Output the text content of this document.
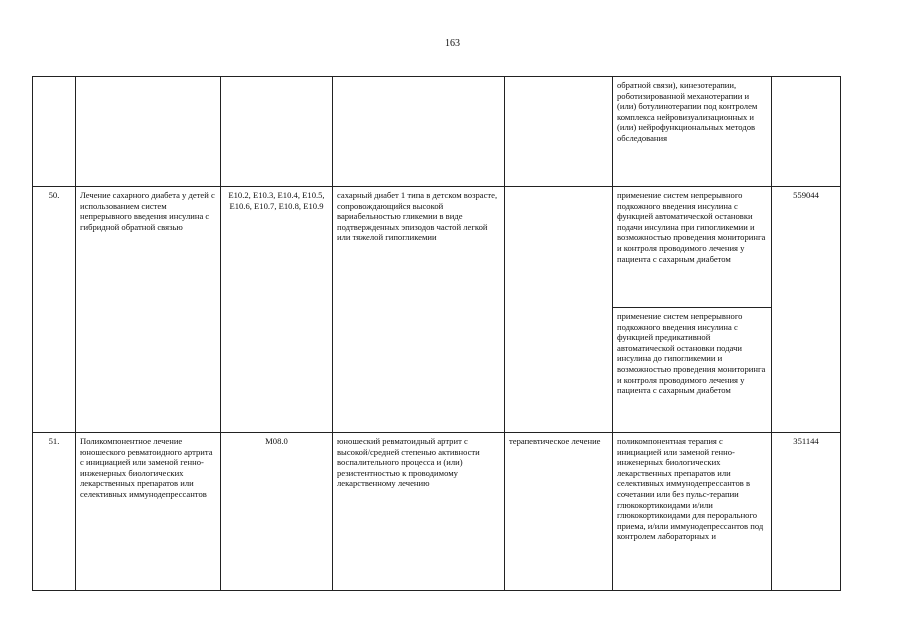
163
					обратной связи), кинезотерапии, роботизированной механотерапии и (или) ботулинотерапии под контролем комплекса нейровизуализационных и (или) нейрофункциональных методов обследования	
50.	Лечение сахарного диабета у детей с использованием систем непрерывного введения инсулина с гибридной обратной связью	E10.2, E10.3, E10.4, E10.5, E10.6, E10.7, E10.8, E10.9	сахарный диабет 1 типа в детском возрасте, сопровождающийся высокой вариабельностью гликемии в виде подтвержденных эпизодов частой легкой или тяжелой гипогликемии		применение систем непрерывного подкожного введения инсулина с функцией автоматической остановки подачи инсулина при гипогликемии и возможностью проведения мониторинга и контроля проводимого лечения у пациента с сахарным диабетом	559044
					применение систем непрерывного подкожного введения инсулина с функцией предикативной автоматической остановки подачи инсулина до гипогликемии и возможностью проведения мониторинга и контроля проводимого лечения у пациента с сахарным диабетом	
51.	Поликомпонентное лечение юношеского ревматоидного артрита с инициацией или заменой генно-инженерных биологических лекарственных препаратов или селективных иммунодепрессантов	M08.0	юношеский ревматоидный артрит с высокой/средней степенью активности воспалительного процесса и (или) резистентностью к проводимому лекарственному лечению	терапевтическое лечение	поликомпонентная терапия с инициацией или заменой генно-инженерных биологических лекарственных препаратов или селективных иммунодепрессантов в сочетании или без пульс-терапии глюкокортикоидами и/или глюкокортикоидами для перорального приема, и/или иммунодепрессантов под контролем лабораторных и	351144
